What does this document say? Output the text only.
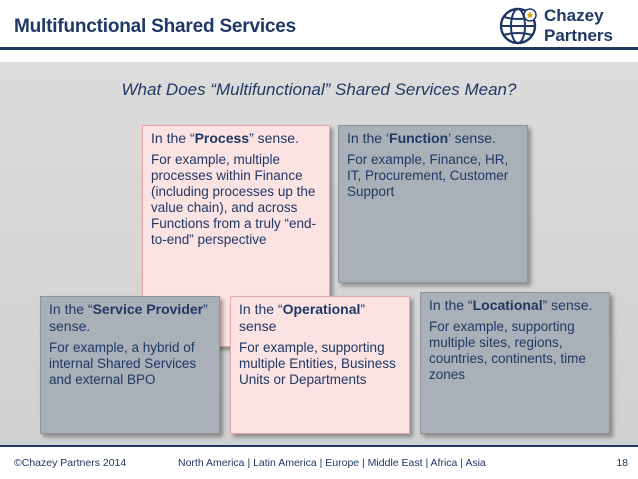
Multifunctional Shared Services
Chazey
Partners
What Does “Multifunctional” Shared Services Mean?
In the “Process” sense.
For example, multiple processes within Finance (including processes up the value chain), and across Functions from a truly “end-to-end” perspective
In the ‘Function’ sense.
For example, Finance, HR, IT, Procurement, Customer Support
In the “Service Provider” sense.
For example, a hybrid of internal Shared Services and external BPO
In the “Operational” sense
For example, supporting multiple Entities, Business Units or Departments
In the “Locational” sense.
For example, supporting multiple sites, regions, countries, continents, time zones
©Chazey Partners 2014	North America | Latin America | Europe | Middle East | Africa | Asia	18
